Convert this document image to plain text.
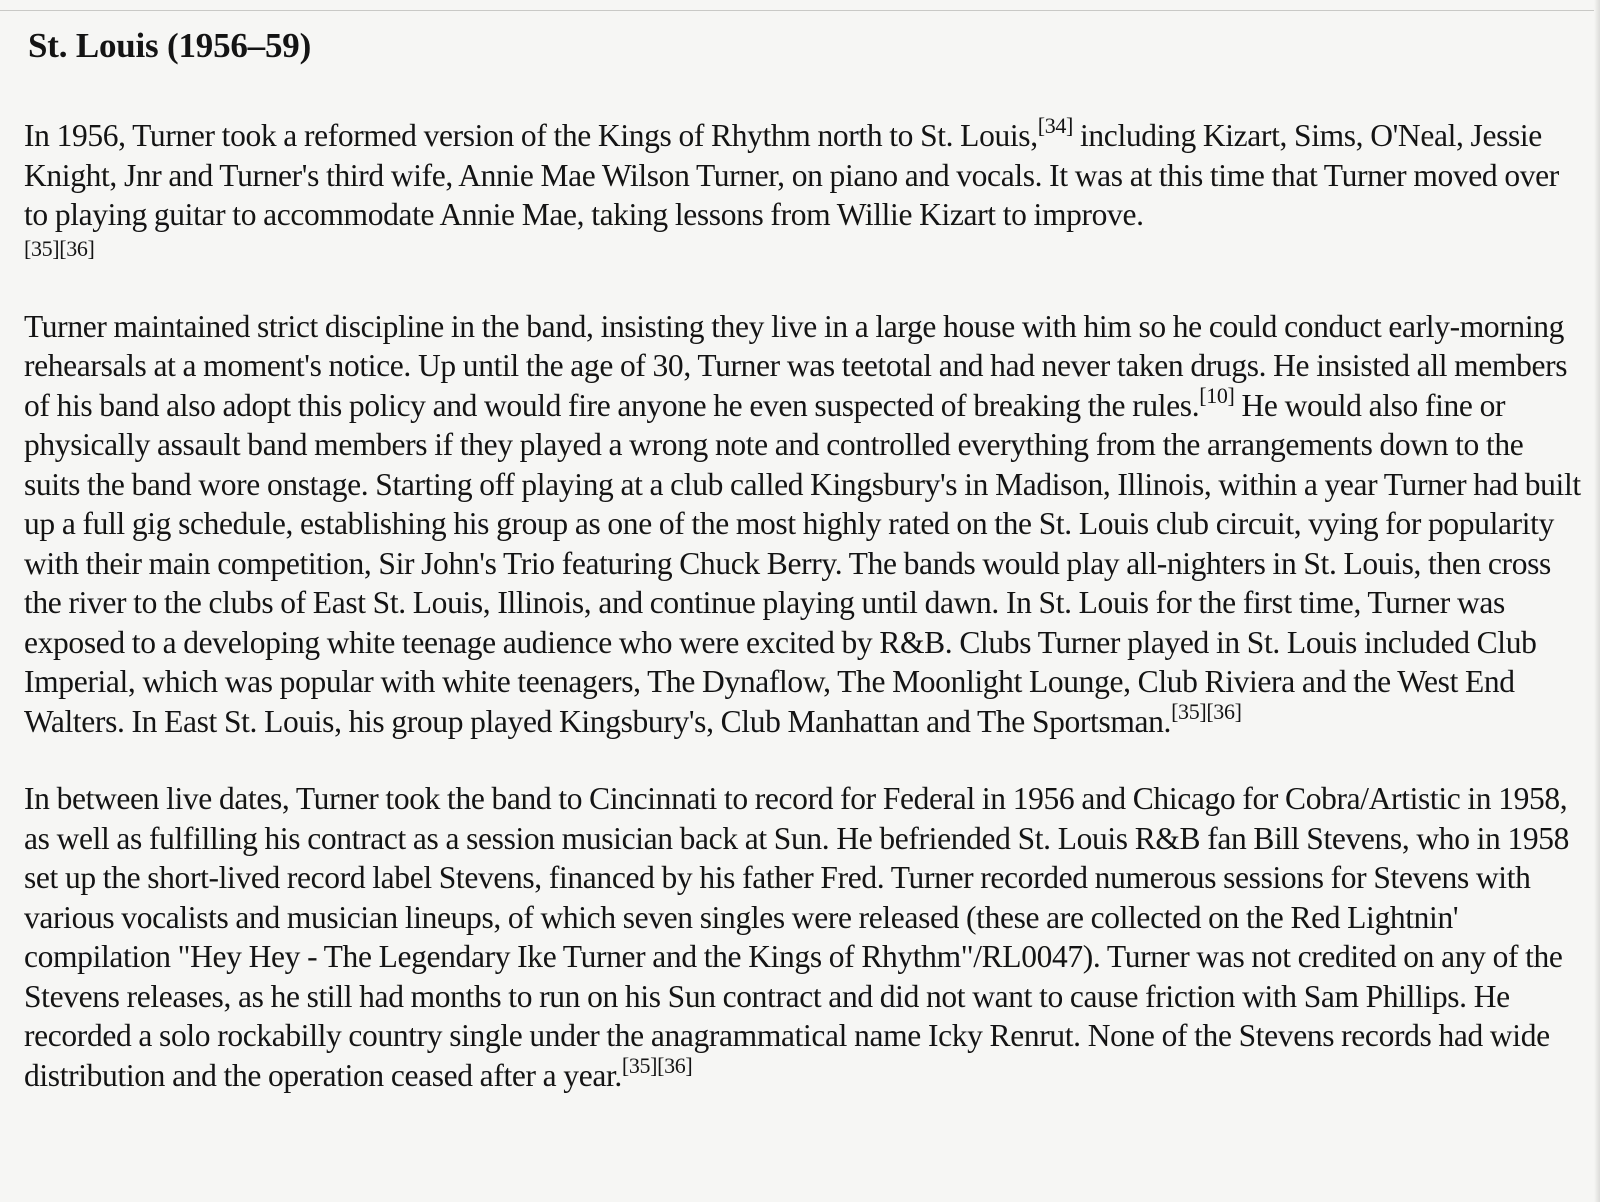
St. Louis (1956–59)

In 1956, Turner took a reformed version of the Kings of Rhythm north to St. Louis,[34] including Kizart, Sims, O'Neal, Jessie Knight, Jnr and Turner's third wife, Annie Mae Wilson Turner, on piano and vocals. It was at this time that Turner moved over to playing guitar to accommodate Annie Mae, taking lessons from Willie Kizart to improve.
[35][36]

Turner maintained strict discipline in the band, insisting they live in a large house with him so he could conduct early-morning rehearsals at a moment's notice. Up until the age of 30, Turner was teetotal and had never taken drugs. He insisted all members of his band also adopt this policy and would fire anyone he even suspected of breaking the rules.[10] He would also fine or physically assault band members if they played a wrong note and controlled everything from the arrangements down to the suits the band wore onstage. Starting off playing at a club called Kingsbury's in Madison, Illinois, within a year Turner had built up a full gig schedule, establishing his group as one of the most highly rated on the St. Louis club circuit, vying for popularity with their main competition, Sir John's Trio featuring Chuck Berry. The bands would play all-nighters in St. Louis, then cross the river to the clubs of East St. Louis, Illinois, and continue playing until dawn. In St. Louis for the first time, Turner was exposed to a developing white teenage audience who were excited by R&B. Clubs Turner played in St. Louis included Club Imperial, which was popular with white teenagers, The Dynaflow, The Moonlight Lounge, Club Riviera and the West End Walters. In East St. Louis, his group played Kingsbury's, Club Manhattan and The Sportsman.[35][36]

In between live dates, Turner took the band to Cincinnati to record for Federal in 1956 and Chicago for Cobra/Artistic in 1958, as well as fulfilling his contract as a session musician back at Sun. He befriended St. Louis R&B fan Bill Stevens, who in 1958 set up the short-lived record label Stevens, financed by his father Fred. Turner recorded numerous sessions for Stevens with various vocalists and musician lineups, of which seven singles were released (these are collected on the Red Lightnin' compilation "Hey Hey - The Legendary Ike Turner and the Kings of Rhythm"/RL0047). Turner was not credited on any of the Stevens releases, as he still had months to run on his Sun contract and did not want to cause friction with Sam Phillips. He recorded a solo rockabilly country single under the anagrammatical name Icky Renrut. None of the Stevens records had wide distribution and the operation ceased after a year.[35][36]
